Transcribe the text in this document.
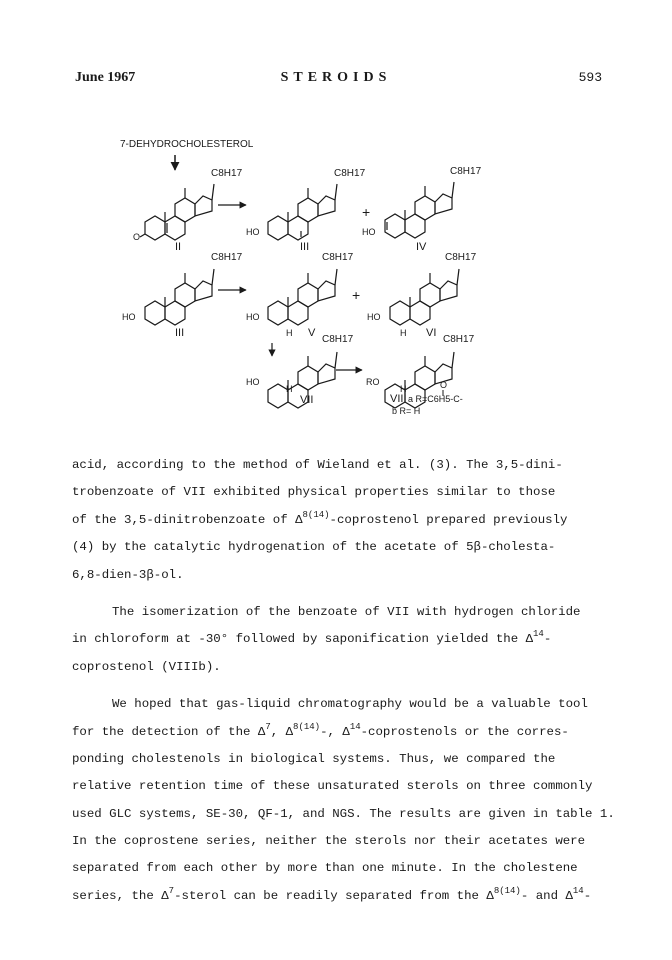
June 1967	STEROIDS	593
7-DEHYDROCHOLESTEROL
C8H17
O
II
C8H17
HO
III
+
C8H17
HO
IV
C8H17
HO
III
C8H17
HO
H V
+
C8H17
HO
H VI
C8H17
HO
H
VII
C8H17
RO
H	O
VIII a R=C6H5-C-
b R= H
acid, according to the method of Wieland et al. (3). The 3,5-dini-
trobenzoate of VII exhibited physical properties similar to those
of the 3,5-dinitrobenzoate of $\Delta^{8(14)}$-coprostenol prepared previously
(4) by the catalytic hydrogenation of the acetate of 5β-cholesta-
6,8-dien-3β-ol.
The isomerization of the benzoate of VII with hydrogen chloride
in chloroform at -30° followed by saponification yielded the $\Delta^{14}-$
coprostenol (VIIIb).
We hoped that gas-liquid chromatography would be a valuable tool
for the detection of the $\Delta^7$, $\Delta^{8(14)}-$, $\Delta^{14}$-coprostenols or the corres-
ponding cholestenols in biological systems. Thus, we compared the
relative retention time of these unsaturated sterols on three commonly
used GLC systems, SE-30, QF-1, and NGS. The results are given in table 1.
In the coprostene series, neither the sterols nor their acetates were
separated from each other by more than one minute. In the cholestene
series, the $\Delta^7$-sterol can be readily separated from the $\Delta^{8(14)}-$ and $\Delta^{14}-$
